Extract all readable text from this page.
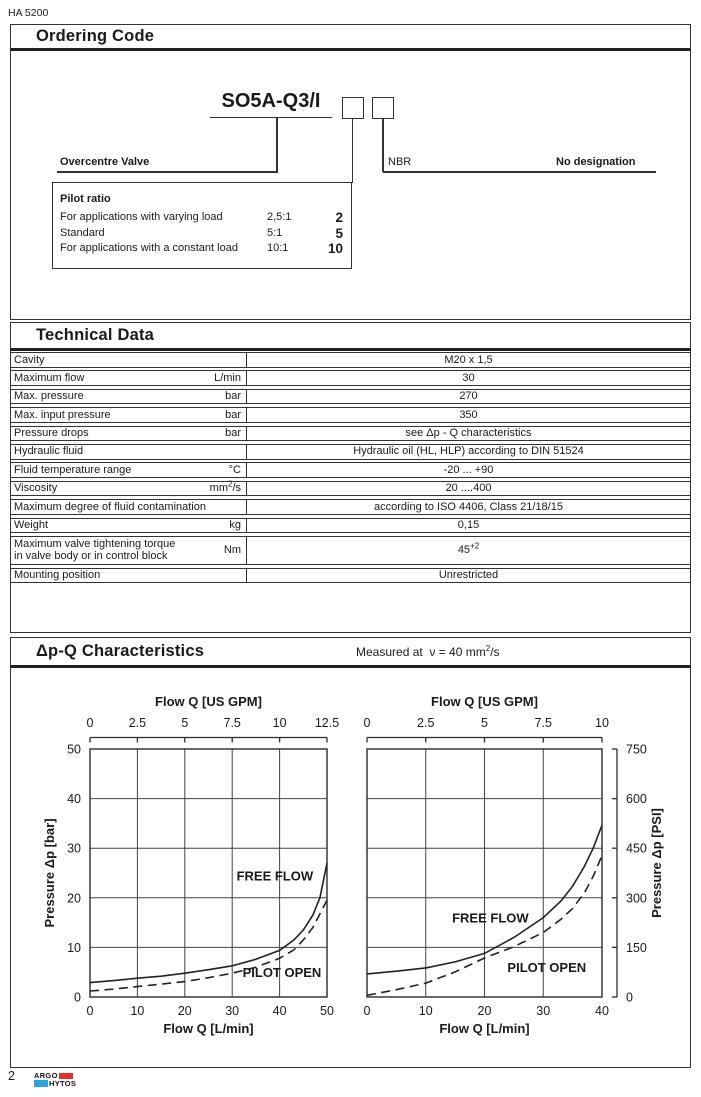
HA 5200
Ordering Code
SO5A-Q3/I
Overcentre Valve	NBR	No designation
Pilot ratio
For applications with varying load	2,5:1	2
Standard	5:1	5
For applications with a constant load	10:1	10
Technical Data
Cavity	M20 x 1,5
Maximum flow	L/min	30
Max. pressure	bar	270
Max. input pressure	bar	350
Pressure drops	bar	see Δp - Q characteristics
Hydraulic fluid	Hydraulic oil (HL, HLP) according to DIN 51524
Fluid temperature range	°C	-20 ... +90
Viscosity	$mm^2/s$	20 ....400
Maximum degree of fluid contamination	according to ISO 4406, Class 21/18/15
Weight	kg	0,15
Maximum valve tightening torque
in valve body or in control block	Nm	$45^{+2}$
Mounting position	Unrestricted
Δp-Q Characteristics	Measured at ν = 40 $mm^2/s$
0	2.5	5	7.5	10 12.5
Flow Q [US GPM]
0	10	20	30	40	50
Flow Q [L/min]
0
10
20
30
40
50
Pressure Δp [bar]	FREE FLOW
PILOT OPEN
0	2.5	5	7.5	10
Flow Q [US GPM]
0	10	20	30	40
Flow Q [L/min]
0
150
300
450
600
750
Pressure Δp [PSI]
FREE FLOW
PILOT OPEN
2	ARGO
HYTOS
